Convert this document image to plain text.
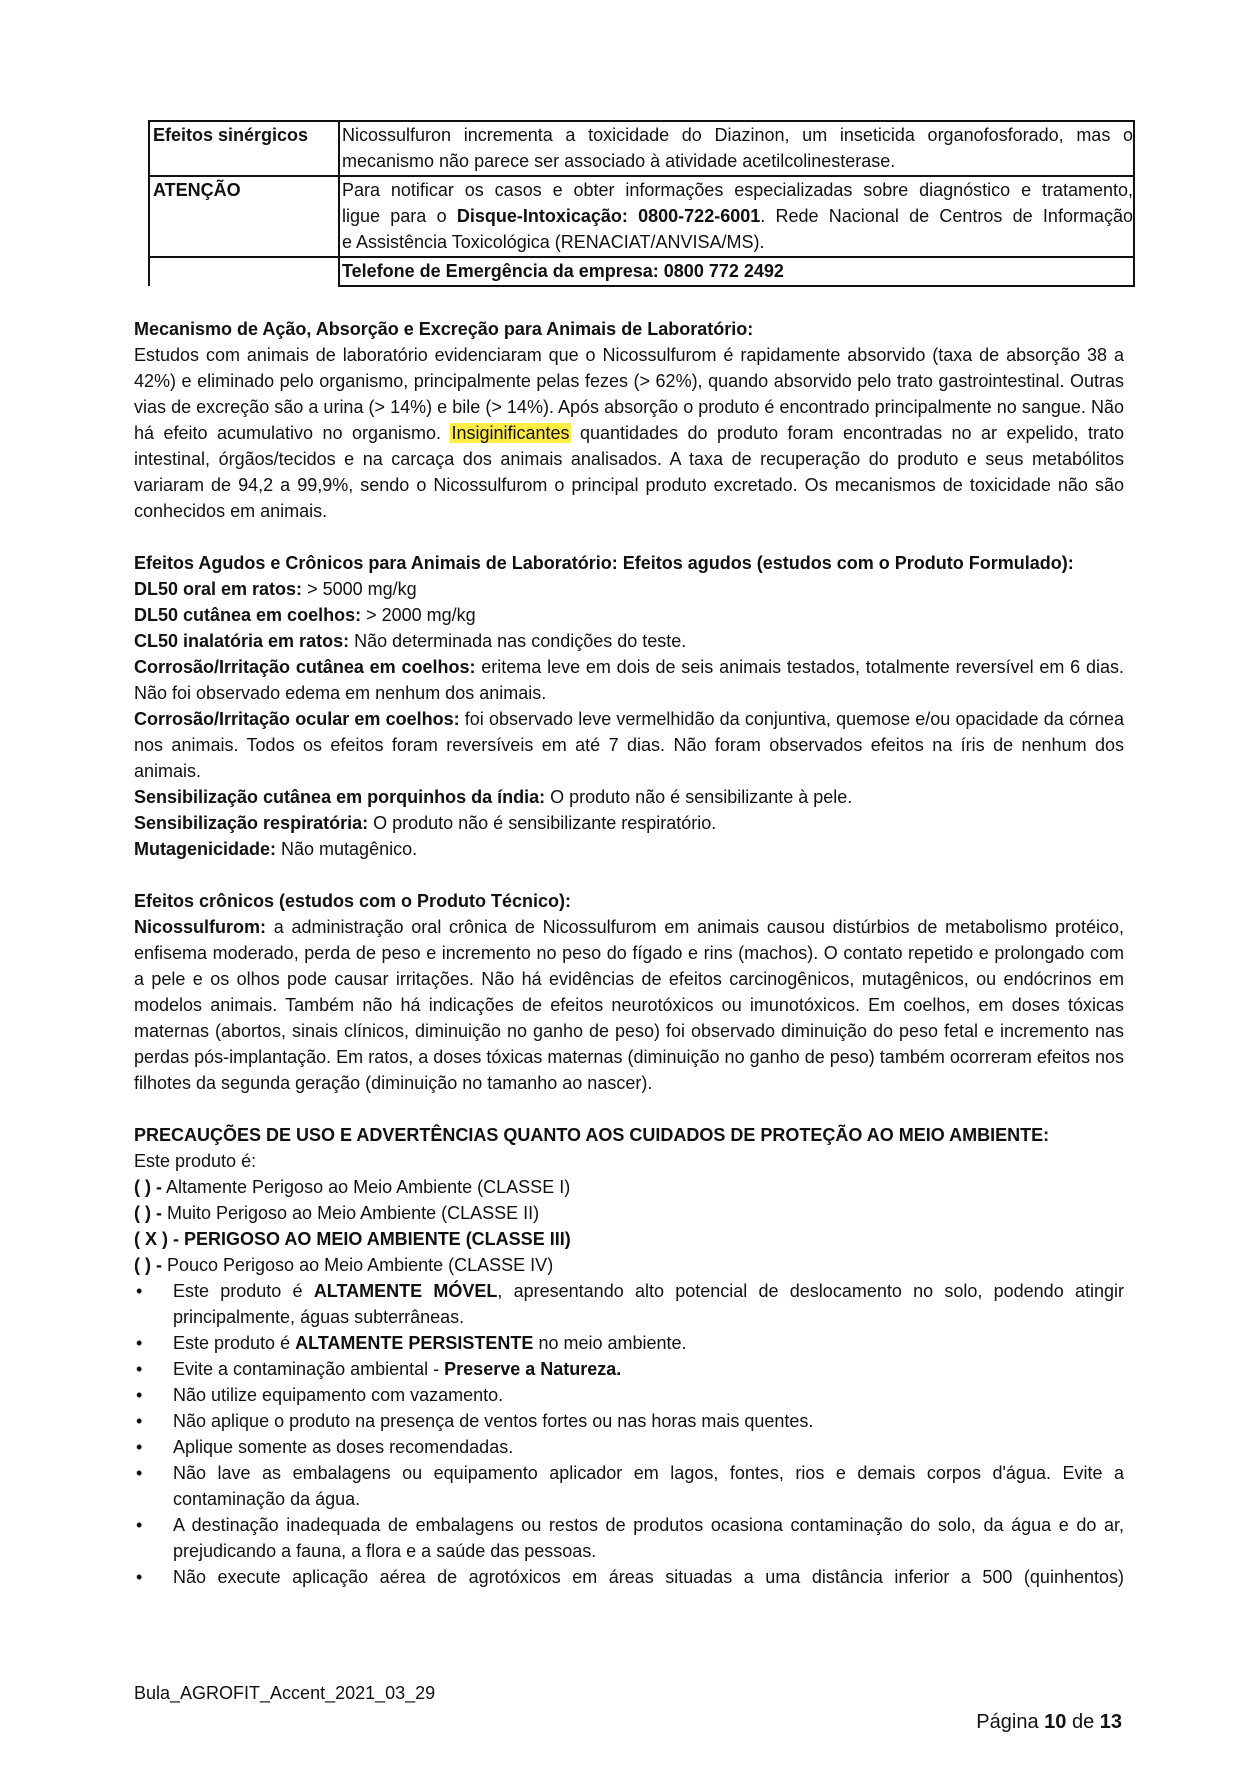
Efeitos sinérgicos	Nicossulfuron incrementa a toxicidade do Diazinon, um inseticida organofosforado, mas o
mecanismo não parece ser associado à atividade acetilcolinesterase.
ATENÇÃO	Para notificar os casos e obter informações especializadas sobre diagnóstico e tratamento,
ligue para o Disque-Intoxicação: 0800-722-6001. Rede Nacional de Centros de Informação
e Assistência Toxicológica (RENACIAT/ANVISA/MS).
	Telefone de Emergência da empresa: 0800 772 2492

Mecanismo de Ação, Absorção e Excreção para Animais de Laboratório:

Estudos com animais de laboratório evidenciaram que o Nicossulfurom é rapidamente absorvido (taxa de absorção 38 a 42%) e eliminado pelo organismo, principalmente pelas fezes (> 62%), quando absorvido pelo trato gastrointestinal. Outras vias de excreção são a urina (> 14%) e bile (> 14%). Após absorção o produto é encontrado principalmente no sangue. Não há efeito acumulativo no organismo. Insiginificantes quantidades do produto foram encontradas no ar expelido, trato intestinal, órgãos/tecidos e na carcaça dos animais analisados. A taxa de recuperação do produto e seus metabólitos variaram de 94,2 a 99,9%, sendo o Nicossulfurom o principal produto excretado. Os mecanismos de toxicidade não são conhecidos em animais.

Efeitos Agudos e Crônicos para Animais de Laboratório: Efeitos agudos (estudos com o Produto Formulado):

DL50 oral em ratos: > 5000 mg/kg

DL50 cutânea em coelhos: > 2000 mg/kg

CL50 inalatória em ratos: Não determinada nas condições do teste.

Corrosão/Irritação cutânea em coelhos: eritema leve em dois de seis animais testados, totalmente reversível em 6 dias. Não foi observado edema em nenhum dos animais.

Corrosão/Irritação ocular em coelhos: foi observado leve vermelhidão da conjuntiva, quemose e/ou opacidade da córnea nos animais. Todos os efeitos foram reversíveis em até 7 dias. Não foram observados efeitos na íris de nenhum dos animais.

Sensibilização cutânea em porquinhos da índia: O produto não é sensibilizante à pele.

Sensibilização respiratória: O produto não é sensibilizante respiratório.

Mutagenicidade: Não mutagênico.

Efeitos crônicos (estudos com o Produto Técnico):

Nicossulfurom: a administração oral crônica de Nicossulfurom em animais causou distúrbios de metabolismo protéico, enfisema moderado, perda de peso e incremento no peso do fígado e rins (machos). O contato repetido e prolongado com a pele e os olhos pode causar irritações. Não há evidências de efeitos carcinogênicos, mutagênicos, ou endócrinos em modelos animais. Também não há indicações de efeitos neurotóxicos ou imunotóxicos. Em coelhos, em doses tóxicas maternas (abortos, sinais clínicos, diminuição no ganho de peso) foi observado diminuição do peso fetal e incremento nas perdas pós-implantação. Em ratos, a doses tóxicas maternas (diminuição no ganho de peso) também ocorreram efeitos nos filhotes da segunda geração (diminuição no tamanho ao nascer).

PRECAUÇÕES DE USO E ADVERTÊNCIAS QUANTO AOS CUIDADOS DE PROTEÇÃO AO MEIO AMBIENTE:

Este produto é:

( ) - Altamente Perigoso ao Meio Ambiente (CLASSE I)

( ) - Muito Perigoso ao Meio Ambiente (CLASSE II)

( X ) - PERIGOSO AO MEIO AMBIENTE (CLASSE III)

( ) - Pouco Perigoso ao Meio Ambiente (CLASSE IV)

• Este produto é ALTAMENTE MÓVEL, apresentando alto potencial de deslocamento no solo, podendo atingir principalmente, águas subterrâneas.
• Este produto é ALTAMENTE PERSISTENTE no meio ambiente.
• Evite a contaminação ambiental - Preserve a Natureza.
• Não utilize equipamento com vazamento.
• Não aplique o produto na presença de ventos fortes ou nas horas mais quentes.
• Aplique somente as doses recomendadas.
• Não lave as embalagens ou equipamento aplicador em lagos, fontes, rios e demais corpos d'água. Evite a contaminação da água.
• A destinação inadequada de embalagens ou restos de produtos ocasiona contaminação do solo, da água e do ar, prejudicando a fauna, a flora e a saúde das pessoas.
• Não execute aplicação aérea de agrotóxicos em áreas situadas a uma distância inferior a 500 (quinhentos)
Bula_AGROFIT_Accent_2021_03_29
Página 10 de 13
